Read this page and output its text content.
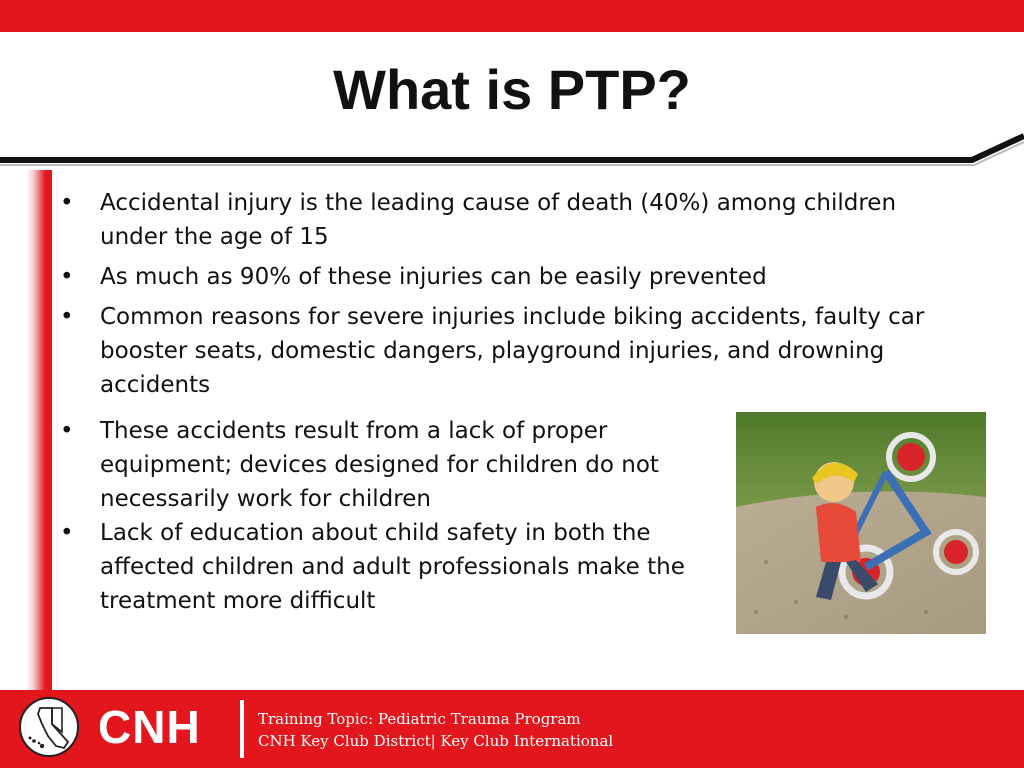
What is PTP?

• Accidental injury is the leading cause of death (40%) among children under the age of 15

• As much as 90% of these injuries can be easily prevented

• Common reasons for severe injuries include biking accidents, faulty car booster seats, domestic dangers, playground injuries, and drowning accidents

• These accidents result from a lack of proper equipment; devices designed for children do not necessarily work for children

• Lack of education about child safety in both the affected children and adult professionals make the treatment more difficult

CNH	Training Topic: Pediatric Trauma Program
CNH Key Club District| Key Club International
